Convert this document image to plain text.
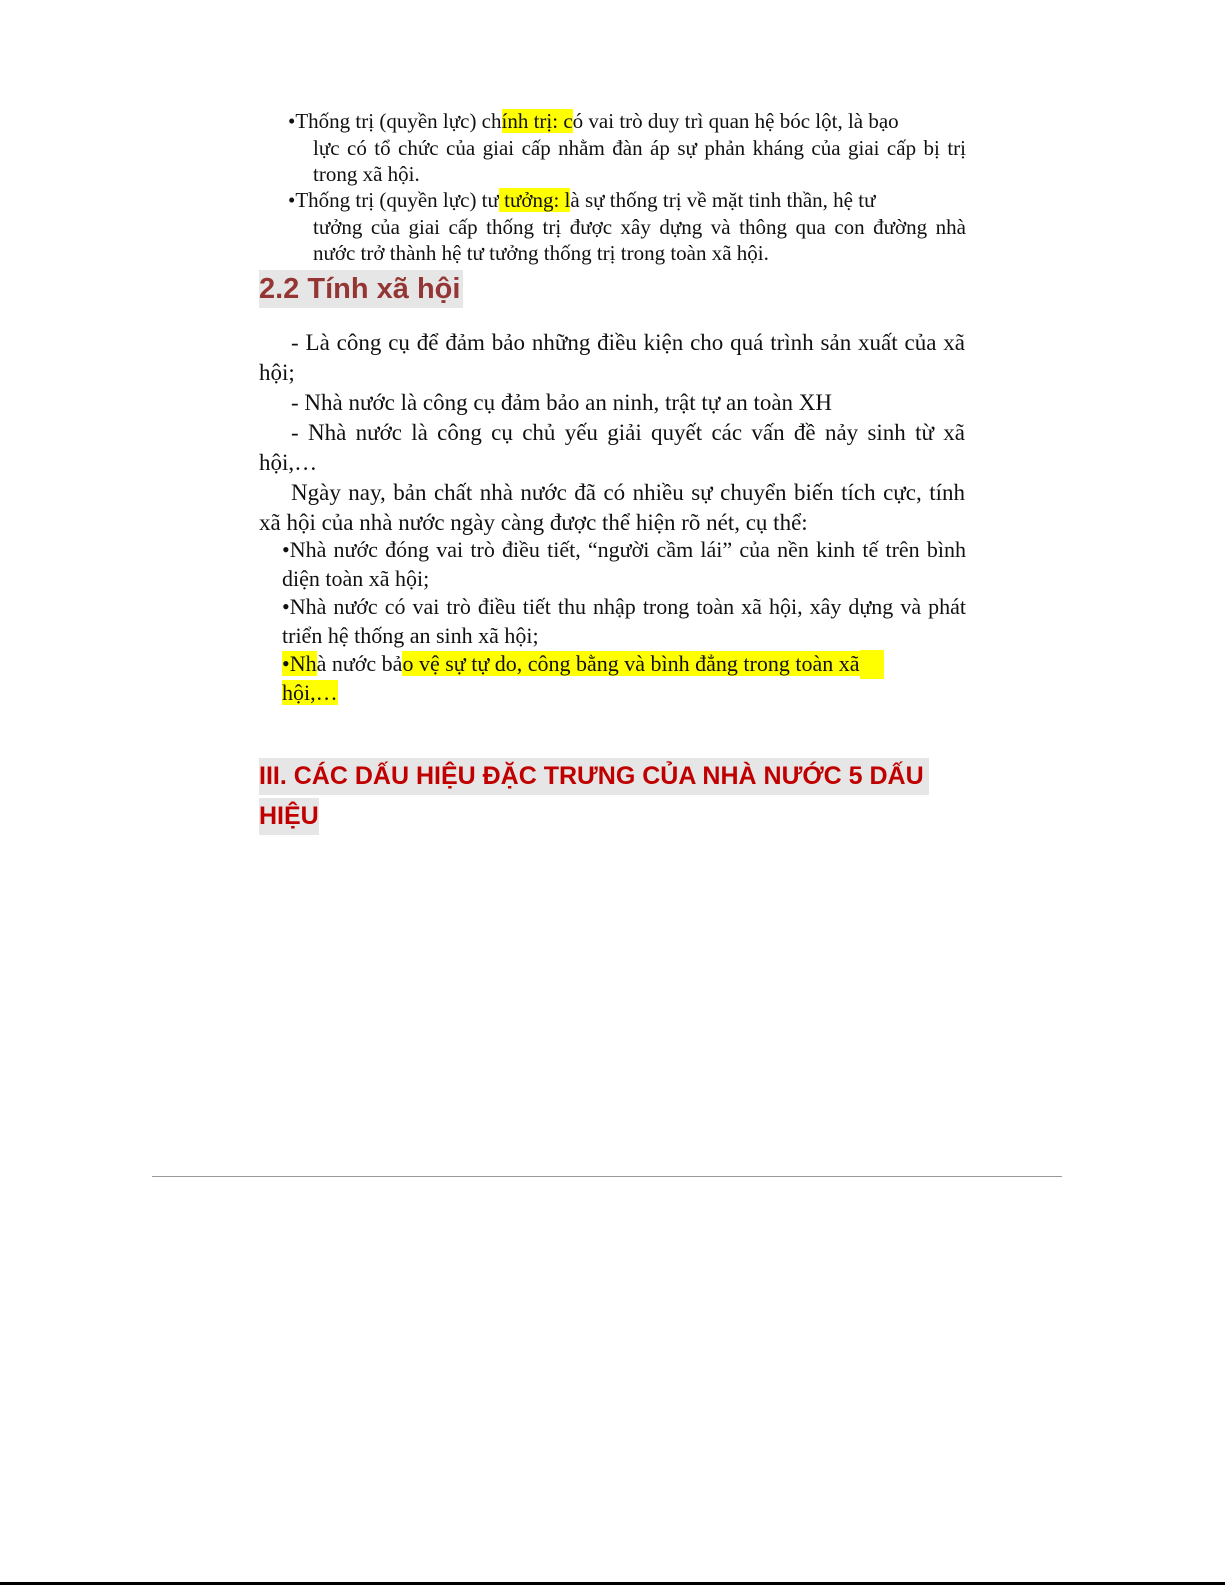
•Thống trị (quyền lực) chính trị: có vai trò duy trì quan hệ bóc lột, là bạo

lực có tổ chức của giai cấp nhằm đàn áp sự phản kháng của giai cấp bị trị trong xã hội.

•Thống trị (quyền lực) tư tưởng: là sự thống trị về mặt tinh thần, hệ tư

tưởng của giai cấp thống trị được xây dựng và thông qua con đường nhà nước trở thành hệ tư tưởng thống trị trong toàn xã hội.

2.2 Tính xã hội

- Là công cụ để đảm bảo những điều kiện cho quá trình sản xuất của xã hội;

- Nhà nước là công cụ đảm bảo an ninh, trật tự an toàn XH

- Nhà nước là công cụ chủ yếu giải quyết các vấn đề nảy sinh từ xã hội,…

Ngày nay, bản chất nhà nước đã có nhiều sự chuyển biến tích cực, tính xã hội của nhà nước ngày càng được thể hiện rõ nét, cụ thể:

•Nhà nước đóng vai trò điều tiết, “người cầm lái” của nền kinh tế trên bình diện toàn xã hội;

•Nhà nước có vai trò điều tiết thu nhập trong toàn xã hội, xây dựng và phát triển hệ thống an sinh xã hội;

•Nhà nước bảo vệ sự tự do, công bằng và bình đẳng trong toàn xã
hội,…

III. CÁC DẤU HIỆU ĐẶC TRƯNG CỦA NHÀ NƯỚC 5 DẤU
HIỆU
